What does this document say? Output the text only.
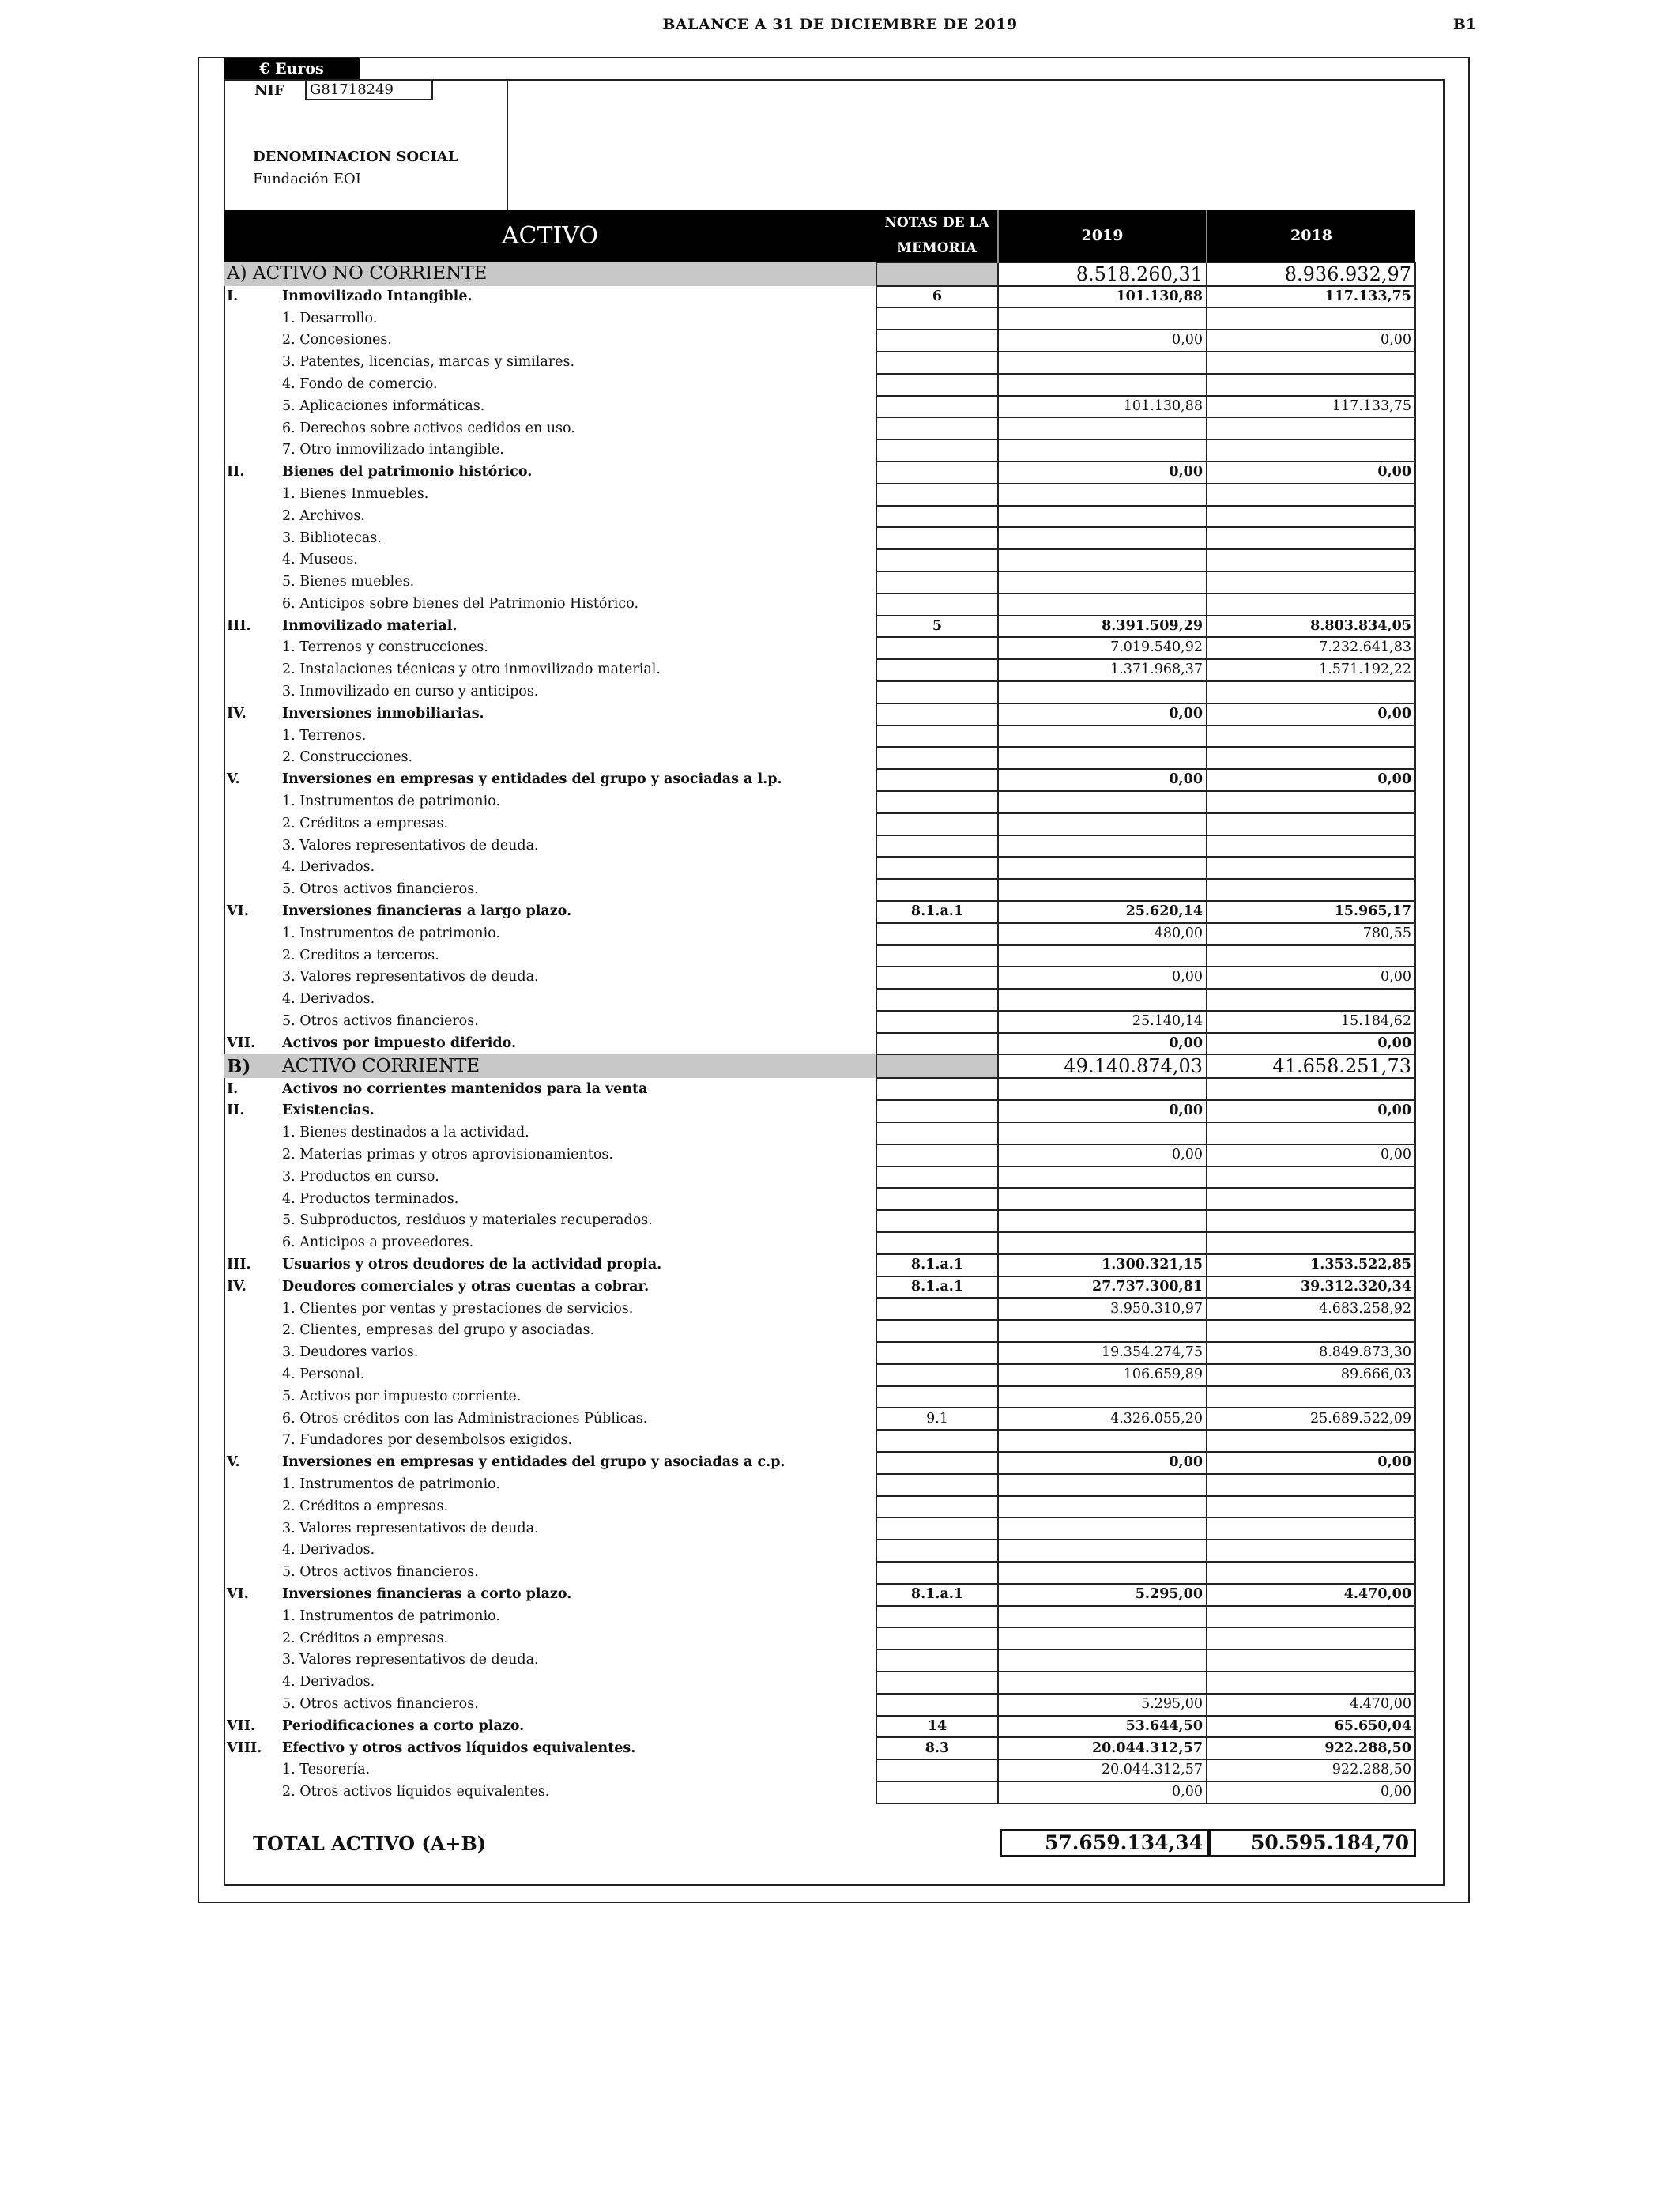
BALANCE A 31 DE DICIEMBRE DE 2019	B1
€ Euros
NIF	G81718249
DENOMINACION SOCIAL
Fundación EOI
ACTIVO		NOTAS DE LA MEMORIA	2019	2018
A) ACTIVO NO CORRIENTE			8.518.260,31	8.936.932,97
I.	Inmovilizado Intangible.	6	101.130,88	117.133,75
	1. Desarrollo.			
	2. Concesiones.		0,00	0,00
	3. Patentes, licencias, marcas y similares.			
	4. Fondo de comercio.			
	5. Aplicaciones informáticas.		101.130,88	117.133,75
	6. Derechos sobre activos cedidos en uso.			
	7. Otro inmovilizado intangible.			
II.	Bienes del patrimonio histórico.		0,00	0,00
	1. Bienes Inmuebles.			
	2. Archivos.			
	3. Bibliotecas.			
	4. Museos.			
	5. Bienes muebles.			
	6. Anticipos sobre bienes del Patrimonio Histórico.			
III.	Inmovilizado material.	5	8.391.509,29	8.803.834,05
	1. Terrenos y construcciones.		7.019.540,92	7.232.641,83
	2. Instalaciones técnicas y otro inmovilizado material.		1.371.968,37	1.571.192,22
	3. Inmovilizado en curso y anticipos.			
IV.	Inversiones inmobiliarias.		0,00	0,00
	1. Terrenos.			
	2. Construcciones.			
V.	Inversiones en empresas y entidades del grupo y asociadas a l.p.		0,00	0,00
	1. Instrumentos de patrimonio.			
	2. Créditos a empresas.			
	3. Valores representativos de deuda.			
	4. Derivados.			
	5. Otros activos financieros.			
VI.	Inversiones financieras a largo plazo.	8.1.a.1	25.620,14	15.965,17
	1. Instrumentos de patrimonio.		480,00	780,55
	2. Creditos a terceros.			
	3. Valores representativos de deuda.		0,00	0,00
	4. Derivados.			
	5. Otros activos financieros.		25.140,14	15.184,62
VII.	Activos por impuesto diferido.		0,00	0,00
B)	ACTIVO CORRIENTE		49.140.874,03	41.658.251,73
I.	Activos no corrientes mantenidos para la venta			
II.	Existencias.		0,00	0,00
	1. Bienes destinados a la actividad.			
	2. Materias primas y otros aprovisionamientos.		0,00	0,00
	3. Productos en curso.			
	4. Productos terminados.			
	5. Subproductos, residuos y materiales recuperados.			
	6. Anticipos a proveedores.			
III.	Usuarios y otros deudores de la actividad propia.	8.1.a.1	1.300.321,15	1.353.522,85
IV.	Deudores comerciales y otras cuentas a cobrar.	8.1.a.1	27.737.300,81	39.312.320,34
	1. Clientes por ventas y prestaciones de servicios.		3.950.310,97	4.683.258,92
	2. Clientes, empresas del grupo y asociadas.			
	3. Deudores varios.		19.354.274,75	8.849.873,30
	4. Personal.		106.659,89	89.666,03
	5. Activos por impuesto corriente.			
	6. Otros créditos con las Administraciones Públicas.	9.1	4.326.055,20	25.689.522,09
	7. Fundadores por desembolsos exigidos.			
V.	Inversiones en empresas y entidades del grupo y asociadas a c.p.		0,00	0,00
	1. Instrumentos de patrimonio.			
	2. Créditos a empresas.			
	3. Valores representativos de deuda.			
	4. Derivados.			
	5. Otros activos financieros.			
VI.	Inversiones financieras a corto plazo.	8.1.a.1	5.295,00	4.470,00
	1. Instrumentos de patrimonio.			
	2. Créditos a empresas.			
	3. Valores representativos de deuda.			
	4. Derivados.			
	5. Otros activos financieros.		5.295,00	4.470,00
VII.	Periodificaciones a corto plazo.	14	53.644,50	65.650,04
VIII.	Efectivo y otros activos líquidos equivalentes.	8.3	20.044.312,57	922.288,50
	1. Tesorería.		20.044.312,57	922.288,50
	2. Otros activos líquidos equivalentes.		0,00	0,00
TOTAL ACTIVO (A+B)	57.659.134,34	50.595.184,70
